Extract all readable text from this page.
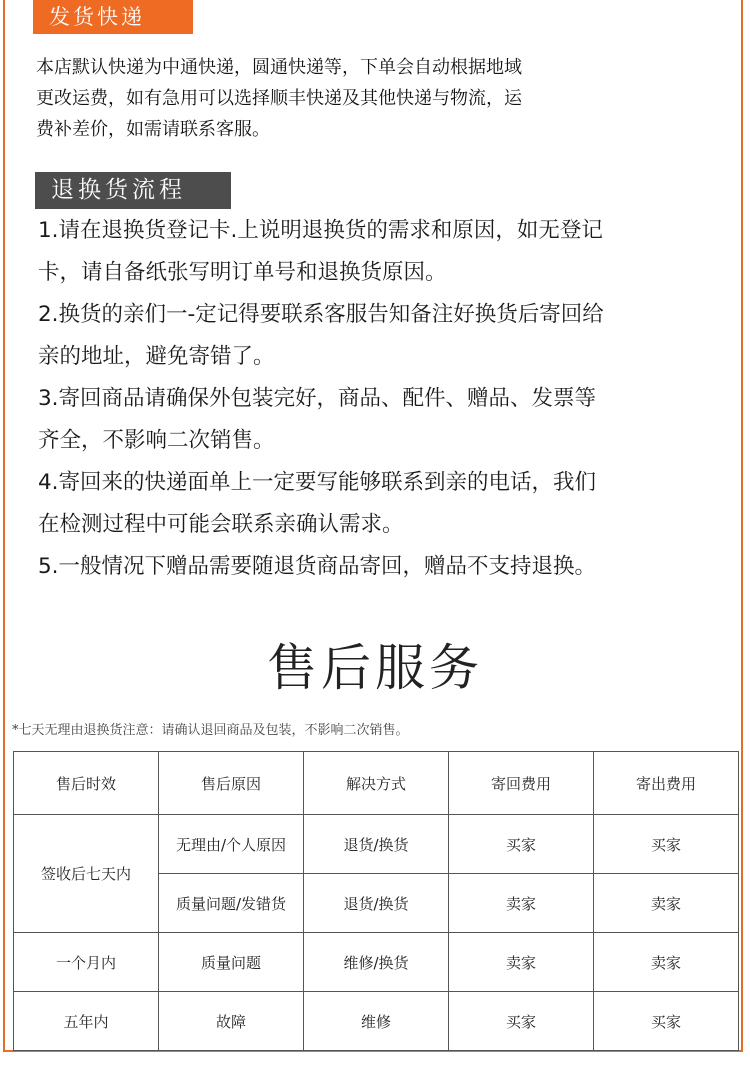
发货快递
本店默认快递为中通快递，圆通快递等，下单会自动根据地域
更改运费，如有急用可以选择顺丰快递及其他快递与物流，运
费补差价，如需请联系客服。
退换货流程
1.请在退换货登记卡.上说明退换货的需求和原因，如无登记
卡，请自备纸张写明订单号和退换货原因。
2.换货的亲们一-定记得要联系客服告知备注好换货后寄回给
亲的地址，避免寄错了。
3.寄回商品请确保外包装完好，商品、配件、赠品、发票等
齐全，不影响二次销售。
4.寄回来的快递面单上一定要写能够联系到亲的电话，我们
在检测过程中可能会联系亲确认需求。
5.一般情况下赠品需要随退货商品寄回，赠品不支持退换。
售后服务
*七天无理由退换货注意：请确认退回商品及包装，不影响二次销售。
售后时效	售后原因	解决方式	寄回费用	寄出费用
签收后七天内	无理由/个人原因	退货/换货	买家	买家
	质量问题/发错货	退货/换货	卖家	卖家
一个月内	质量问题	维修/换货	卖家	卖家
五年内	故障	维修	买家	买家
